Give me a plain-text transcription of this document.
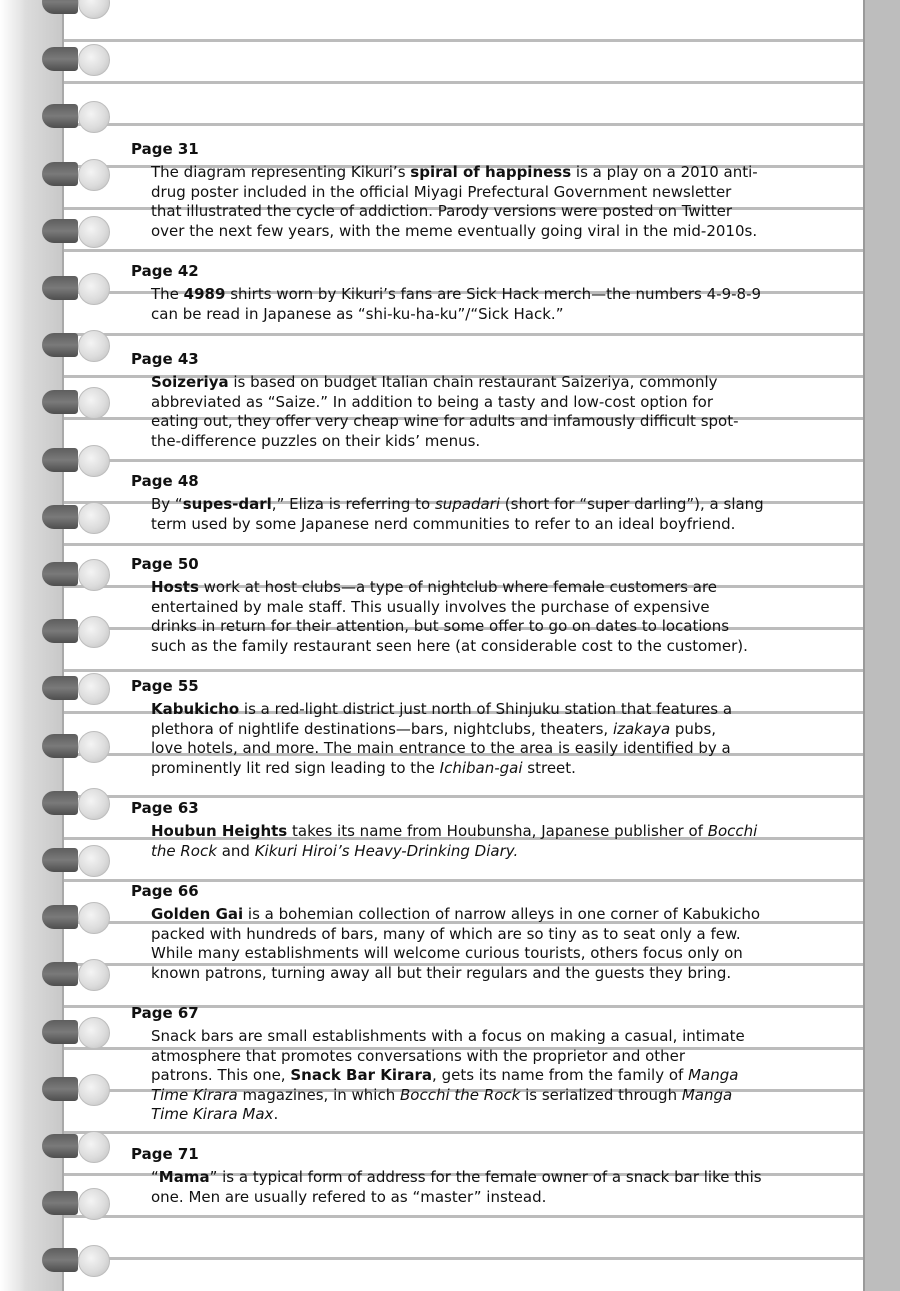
Page 31
The diagram representing Kikuri’s spiral of happiness is a play on a 2010 anti-
drug poster included in the official Miyagi Prefectural Government newsletter
that illustrated the cycle of addiction. Parody versions were posted on Twitter
over the next few years, with the meme eventually going viral in the mid-2010s.
Page 42
The 4989 shirts worn by Kikuri’s fans are Sick Hack merch—the numbers 4-9-8-9
can be read in Japanese as “shi-ku-ha-ku”/“Sick Hack.”
Page 43
Soizeriya is based on budget Italian chain restaurant Saizeriya, commonly
abbreviated as “Saize.” In addition to being a tasty and low-cost option for
eating out, they offer very cheap wine for adults and infamously difficult spot-
the-difference puzzles on their kids’ menus.
Page 48
By “supes-darl,” Eliza is referring to supadari (short for “super darling”), a slang
term used by some Japanese nerd communities to refer to an ideal boyfriend.
Page 50
Hosts work at host clubs—a type of nightclub where female customers are
entertained by male staff. This usually involves the purchase of expensive
drinks in return for their attention, but some offer to go on dates to locations
such as the family restaurant seen here (at considerable cost to the customer).
Page 55
Kabukicho is a red-light district just north of Shinjuku station that features a
plethora of nightlife destinations—bars, nightclubs, theaters, izakaya pubs,
love hotels, and more. The main entrance to the area is easily identified by a
prominently lit red sign leading to the Ichiban-gai street.
Page 63
Houbun Heights takes its name from Houbunsha, Japanese publisher of Bocchi
the Rock and Kikuri Hiroi’s Heavy-Drinking Diary.
Page 66
Golden Gai is a bohemian collection of narrow alleys in one corner of Kabukicho
packed with hundreds of bars, many of which are so tiny as to seat only a few.
While many establishments will welcome curious tourists, others focus only on
known patrons, turning away all but their regulars and the guests they bring.
Page 67
Snack bars are small establishments with a focus on making a casual, intimate
atmosphere that promotes conversations with the proprietor and other
patrons. This one, Snack Bar Kirara, gets its name from the family of Manga
Time Kirara magazines, in which Bocchi the Rock is serialized through Manga
Time Kirara Max.
Page 71
“Mama” is a typical form of address for the female owner of a snack bar like this
one. Men are usually refered to as “master” instead.
